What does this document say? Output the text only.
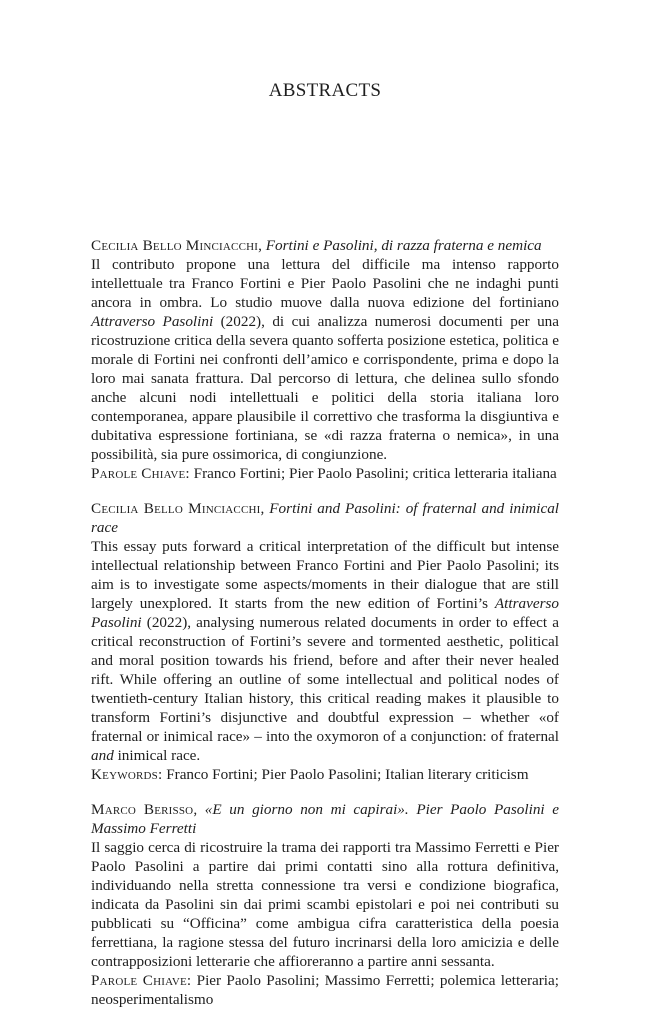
ABSTRACTS

Cecilia Bello Minciacchi, Fortini e Pasolini, di razza fraterna e nemica

Il contributo propone una lettura del difficile ma intenso rapporto intellettuale tra Franco Fortini e Pier Paolo Pasolini che ne indaghi punti ancora in ombra. Lo studio muove dalla nuova edizione del fortiniano Attraverso Pasolini (2022), di cui analizza numerosi documenti per una ricostruzione critica della severa quanto sofferta posizione estetica, politica e morale di Fortini nei confronti dell’amico e corrispondente, prima e dopo la loro mai sanata frattura. Dal percorso di lettura, che delinea sullo sfondo anche alcuni nodi intellettuali e politici della storia italiana loro contemporanea, appare plausibile il correttivo che trasforma la disgiuntiva e dubitativa espressione fortiniana, se «di razza fraterna o nemica», in una possibilità, sia pure ossimorica, di congiunzione.

Parole Chiave: Franco Fortini; Pier Paolo Pasolini; critica letteraria italiana

Cecilia Bello Minciacchi, Fortini and Pasolini: of fraternal and inimical race

This essay puts forward a critical interpretation of the difficult but intense intellectual relationship between Franco Fortini and Pier Paolo Pasolini; its aim is to investigate some aspects/moments in their dialogue that are still largely unexplored. It starts from the new edition of Fortini’s Attraverso Pasolini (2022), analysing numerous related documents in order to effect a critical reconstruction of Fortini’s severe and tormented aesthetic, political and moral position towards his friend, before and after their never healed rift. While offering an outline of some intellectual and political nodes of twentieth-century Italian history, this critical reading makes it plausible to transform Fortini’s disjunctive and doubtful expression – whether «of fraternal or inimical race» – into the oxymoron of a conjunction: of fraternal and inimical race.

Keywords: Franco Fortini; Pier Paolo Pasolini; Italian literary criticism

Marco Berisso, «E un giorno non mi capirai». Pier Paolo Pasolini e Massimo Ferretti

Il saggio cerca di ricostruire la trama dei rapporti tra Massimo Ferretti e Pier Paolo Pasolini a partire dai primi contatti sino alla rottura definitiva, individuando nella stretta connessione tra versi e condizione biografica, indicata da Pasolini sin dai primi scambi epistolari e poi nei contributi su pubblicati su “Officina” come ambigua cifra caratteristica della poesia ferrettiana, la ragione stessa del futuro incrinarsi della loro amicizia e delle contrapposizioni letterarie che affioreranno a partire anni sessanta.

Parole Chiave: Pier Paolo Pasolini; Massimo Ferretti; polemica letteraria; neosperimentalismo
